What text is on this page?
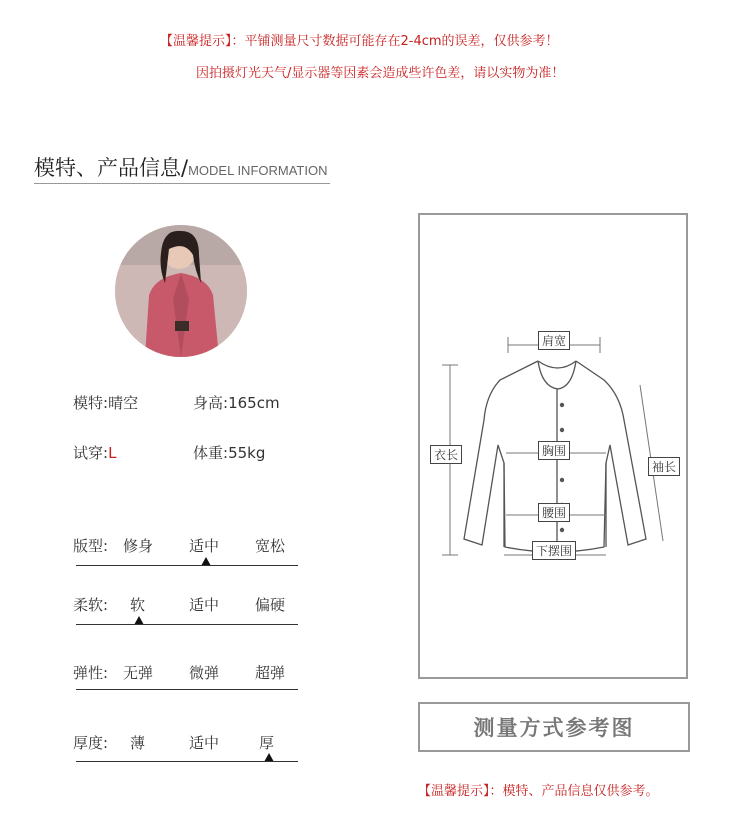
【温馨提示】：平铺测量尺寸数据可能存在2-4cm的误差，仅供参考！
因拍摄灯光天气/显示器等因素会造成些许色差，请以实物为准！
模特、产品信息/MODEL INFORMATION
模特:晴空	身高:165cm
试穿:L	体重:55kg
版型: 修身 适中 宽松
柔软: 软	适中 偏硬
弹性: 无弹 微弹 超弹
厚度: 薄	适中	厚
肩宽
衣长	胸围
袖长
腰围
下摆围
测量方式参考图
【温馨提示】：模特、产品信息仅供参考。
